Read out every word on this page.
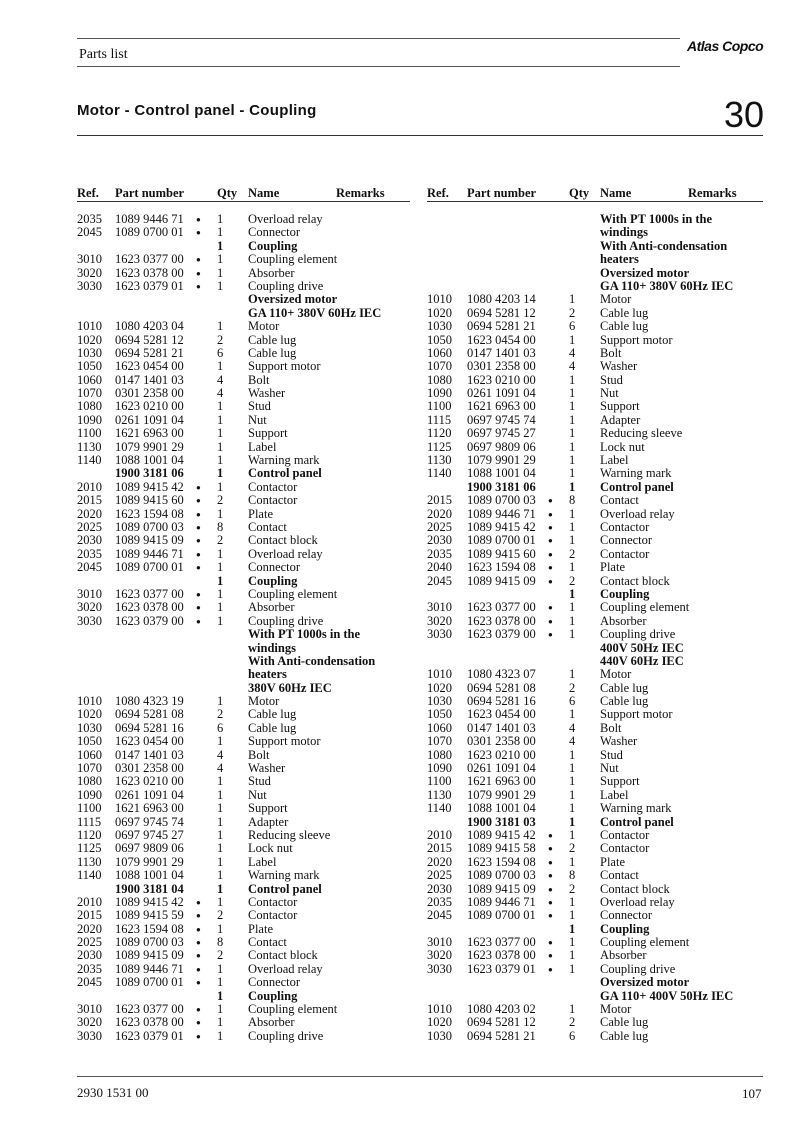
Parts list
Atlas Copco
Motor - Control panel - Coupling	30
Ref. Part number	Qty Name	Remarks
2035 1089 9446 71 ● 1 Overload relay
2045 1089 0700 01 ● 1 Connector
1 Coupling
3010 1623 0377 00 ● 1 Coupling element
3020 1623 0378 00 ● 1 Absorber
3030 1623 0379 01 ● 1 Coupling drive
Oversized motor
GA 110+ 380V 60Hz IEC
1010 1080 4203 04	1 Motor
1020 0694 5281 12	2 Cable lug
1030 0694 5281 21	6 Cable lug
1050 1623 0454 00	1 Support motor
1060 0147 1401 03	4 Bolt
1070 0301 2358 00	4 Washer
1080 1623 0210 00	1 Stud
1090 0261 1091 04	1 Nut
1100 1621 6963 00	1 Support
1130 1079 9901 29	1 Label
1140 1088 1001 04	1 Warning mark
1900 3181 06	1 Control panel
2010 1089 9415 42 ● 1 Contactor
2015 1089 9415 60 ● 2 Contactor
2020 1623 1594 08 ● 1 Plate
2025 1089 0700 03 ● 8 Contact
2030 1089 9415 09 ● 2 Contact block
2035 1089 9446 71 ● 1 Overload relay
2045 1089 0700 01 ● 1 Connector
1 Coupling
3010 1623 0377 00 ● 1 Coupling element
3020 1623 0378 00 ● 1 Absorber
3030 1623 0379 00 ● 1 Coupling drive
With PT 1000s in the
windings
With Anti-condensation
heaters
380V 60Hz IEC
1010 1080 4323 19	1 Motor
1020 0694 5281 08	2 Cable lug
1030 0694 5281 16	6 Cable lug
1050 1623 0454 00	1 Support motor
1060 0147 1401 03	4 Bolt
1070 0301 2358 00	4 Washer
1080 1623 0210 00	1 Stud
1090 0261 1091 04	1 Nut
1100 1621 6963 00	1 Support
1115 0697 9745 74	1 Adapter
1120 0697 9745 27	1 Reducing sleeve
1125 0697 9809 06	1 Lock nut
1130 1079 9901 29	1 Label
1140 1088 1001 04	1 Warning mark
1900 3181 04	1 Control panel
2010 1089 9415 42 ● 1 Contactor
2015 1089 9415 59 ● 2 Contactor
2020 1623 1594 08 ● 1 Plate
2025 1089 0700 03 ● 8 Contact
2030 1089 9415 09 ● 2 Contact block
2035 1089 9446 71 ● 1 Overload relay
2045 1089 0700 01 ● 1 Connector
1 Coupling
3010 1623 0377 00 ● 1 Coupling element
3020 1623 0378 00 ● 1 Absorber
3030 1623 0379 01 ● 1 Coupling drive
Ref. Part number	Qty Name	Remarks
With PT 1000s in the
windings
With Anti-condensation
heaters
Oversized motor
GA 110+ 380V 60Hz IEC
1010 1080 4203 14	1 Motor
1020 0694 5281 12	2 Cable lug
1030 0694 5281 21	6 Cable lug
1050 1623 0454 00	1 Support motor
1060 0147 1401 03	4 Bolt
1070 0301 2358 00	4 Washer
1080 1623 0210 00	1 Stud
1090 0261 1091 04	1 Nut
1100 1621 6963 00	1 Support
1115 0697 9745 74	1 Adapter
1120 0697 9745 27	1 Reducing sleeve
1125 0697 9809 06	1 Lock nut
1130 1079 9901 29	1 Label
1140 1088 1001 04	1 Warning mark
1900 3181 06	1 Control panel
2015 1089 0700 03 ● 8 Contact
2020 1089 9446 71 ● 1 Overload relay
2025 1089 9415 42 ● 1 Contactor
2030 1089 0700 01 ● 1 Connector
2035 1089 9415 60 ● 2 Contactor
2040 1623 1594 08 ● 1 Plate
2045 1089 9415 09 ● 2 Contact block
1 Coupling
3010 1623 0377 00 ● 1 Coupling element
3020 1623 0378 00 ● 1 Absorber
3030 1623 0379 00 ● 1 Coupling drive
400V 50Hz IEC
440V 60Hz IEC
1010 1080 4323 07	1 Motor
1020 0694 5281 08	2 Cable lug
1030 0694 5281 16	6 Cable lug
1050 1623 0454 00	1 Support motor
1060 0147 1401 03	4 Bolt
1070 0301 2358 00	4 Washer
1080 1623 0210 00	1 Stud
1090 0261 1091 04	1 Nut
1100 1621 6963 00	1 Support
1130 1079 9901 29	1 Label
1140 1088 1001 04	1 Warning mark
1900 3181 03	1 Control panel
2010 1089 9415 42 ● 1 Contactor
2015 1089 9415 58 ● 2 Contactor
2020 1623 1594 08 ● 1 Plate
2025 1089 0700 03 ● 8 Contact
2030 1089 9415 09 ● 2 Contact block
2035 1089 9446 71 ● 1 Overload relay
2045 1089 0700 01 ● 1 Connector
1 Coupling
3010 1623 0377 00 ● 1 Coupling element
3020 1623 0378 00 ● 1 Absorber
3030 1623 0379 01 ● 1 Coupling drive
Oversized motor
GA 110+ 400V 50Hz IEC
1010 1080 4203 02	1 Motor
1020 0694 5281 12	2 Cable lug
1030 0694 5281 21	6 Cable lug
2930 1531 00	107
